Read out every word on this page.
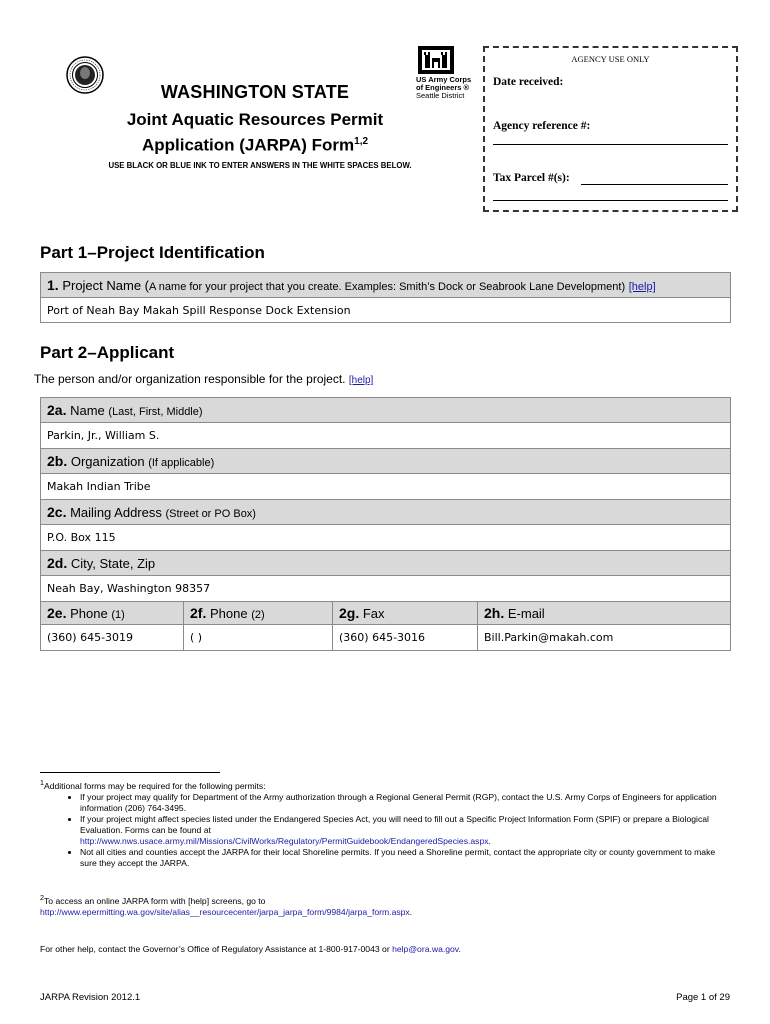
US Army Corps
of Engineers ®
Seattle District
WASHINGTON STATE
Joint Aquatic Resources Permit
Application (JARPA) Form$^{1,2}$
USE BLACK OR BLUE INK TO ENTER ANSWERS IN THE WHITE SPACES BELOW.
AGENCY USE ONLY
Date received:
Agency reference #:
Tax Parcel #(s):
Part 1–Project Identification
1. Project Name (A name for your project that you create. Examples: Smith’s Dock or Seabrook Lane Development) [help]
Port of Neah Bay Makah Spill Response Dock Extension
Part 2–Applicant
The person and/or organization responsible for the project. [help]
2a. Name (Last, First, Middle)			
Parkin, Jr., William S.			
2b. Organization (If applicable)			
Makah Indian Tribe			
2c. Mailing Address (Street or PO Box)			
P.O. Box 115			
2d. City, State, Zip			
Neah Bay, Washington 98357			
2e. Phone (1)	2f. Phone (2)	2g. Fax	2h. E-mail
(360) 645-3019	( )	(360) 645-3016	Bill.Parkin@makah.com
$^1$Additional forms may be required for the following permits:
• If your project may qualify for Department of the Army authorization through a Regional General Permit (RGP), contact the U.S. Army Corps of Engineers for application information (206) 764-3495.
• If your project might affect species listed under the Endangered Species Act, you will need to fill out a Specific Project Information Form (SPIF) or prepare a Biological Evaluation. Forms can be found at
http://www.nws.usace.army.mil/Missions/CivilWorks/Regulatory/PermitGuidebook/EndangeredSpecies.aspx.
• Not all cities and counties accept the JARPA for their local Shoreline permits. If you need a Shoreline permit, contact the appropriate city or county government to make sure they accept the JARPA.
$^2$To access an online JARPA form with [help] screens, go to
http://www.epermitting.wa.gov/site/alias__resourcecenter/jarpa_jarpa_form/9984/jarpa_form.aspx.
For other help, contact the Governor’s Office of Regulatory Assistance at 1-800-917-0043 or help@ora.wa.gov.
JARPA Revision 2012.1	Page 1 of 29
